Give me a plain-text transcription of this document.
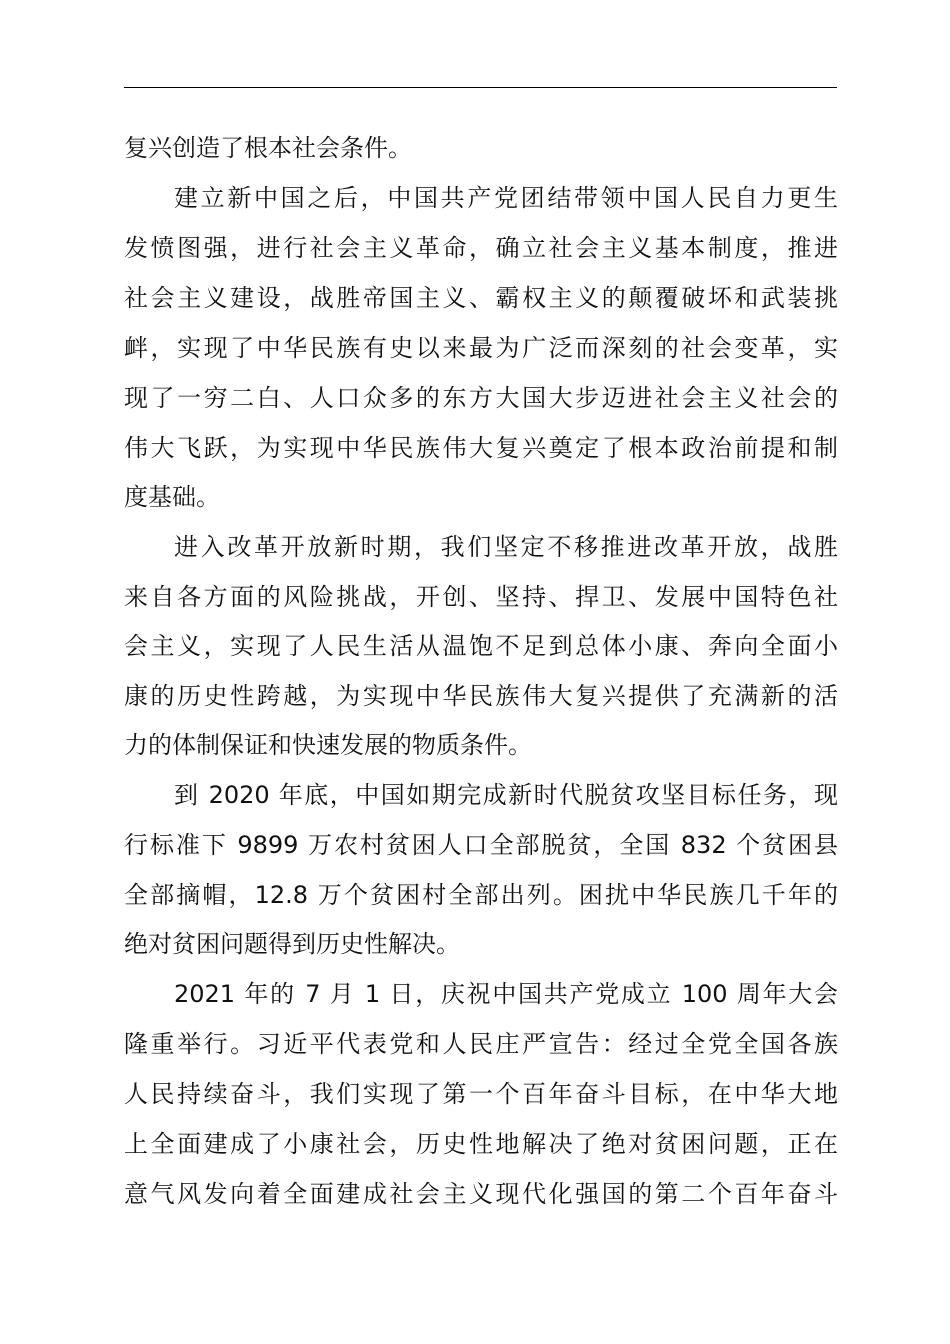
复兴创造了根本社会条件。
建立新中国之后，中国共产党团结带领中国人民自力更生
发愤图强，进行社会主义革命，确立社会主义基本制度，推进
社会主义建设，战胜帝国主义、霸权主义的颠覆破坏和武装挑
衅，实现了中华民族有史以来最为广泛而深刻的社会变革，实
现了一穷二白、人口众多的东方大国大步迈进社会主义社会的
伟大飞跃，为实现中华民族伟大复兴奠定了根本政治前提和制
度基础。
进入改革开放新时期，我们坚定不移推进改革开放，战胜
来自各方面的风险挑战，开创、坚持、捍卫、发展中国特色社
会主义，实现了人民生活从温饱不足到总体小康、奔向全面小
康的历史性跨越，为实现中华民族伟大复兴提供了充满新的活
力的体制保证和快速发展的物质条件。
到 2020 年底，中国如期完成新时代脱贫攻坚目标任务，现
行标准下 9899 万农村贫困人口全部脱贫，全国 832 个贫困县
全部摘帽，12.8 万个贫困村全部出列。困扰中华民族几千年的
绝对贫困问题得到历史性解决。
2021 年的 7 月 1 日，庆祝中国共产党成立 100 周年大会
隆重举行。习近平代表党和人民庄严宣告：经过全党全国各族
人民持续奋斗，我们实现了第一个百年奋斗目标，在中华大地
上全面建成了小康社会，历史性地解决了绝对贫困问题，正在
意气风发向着全面建成社会主义现代化强国的第二个百年奋斗
